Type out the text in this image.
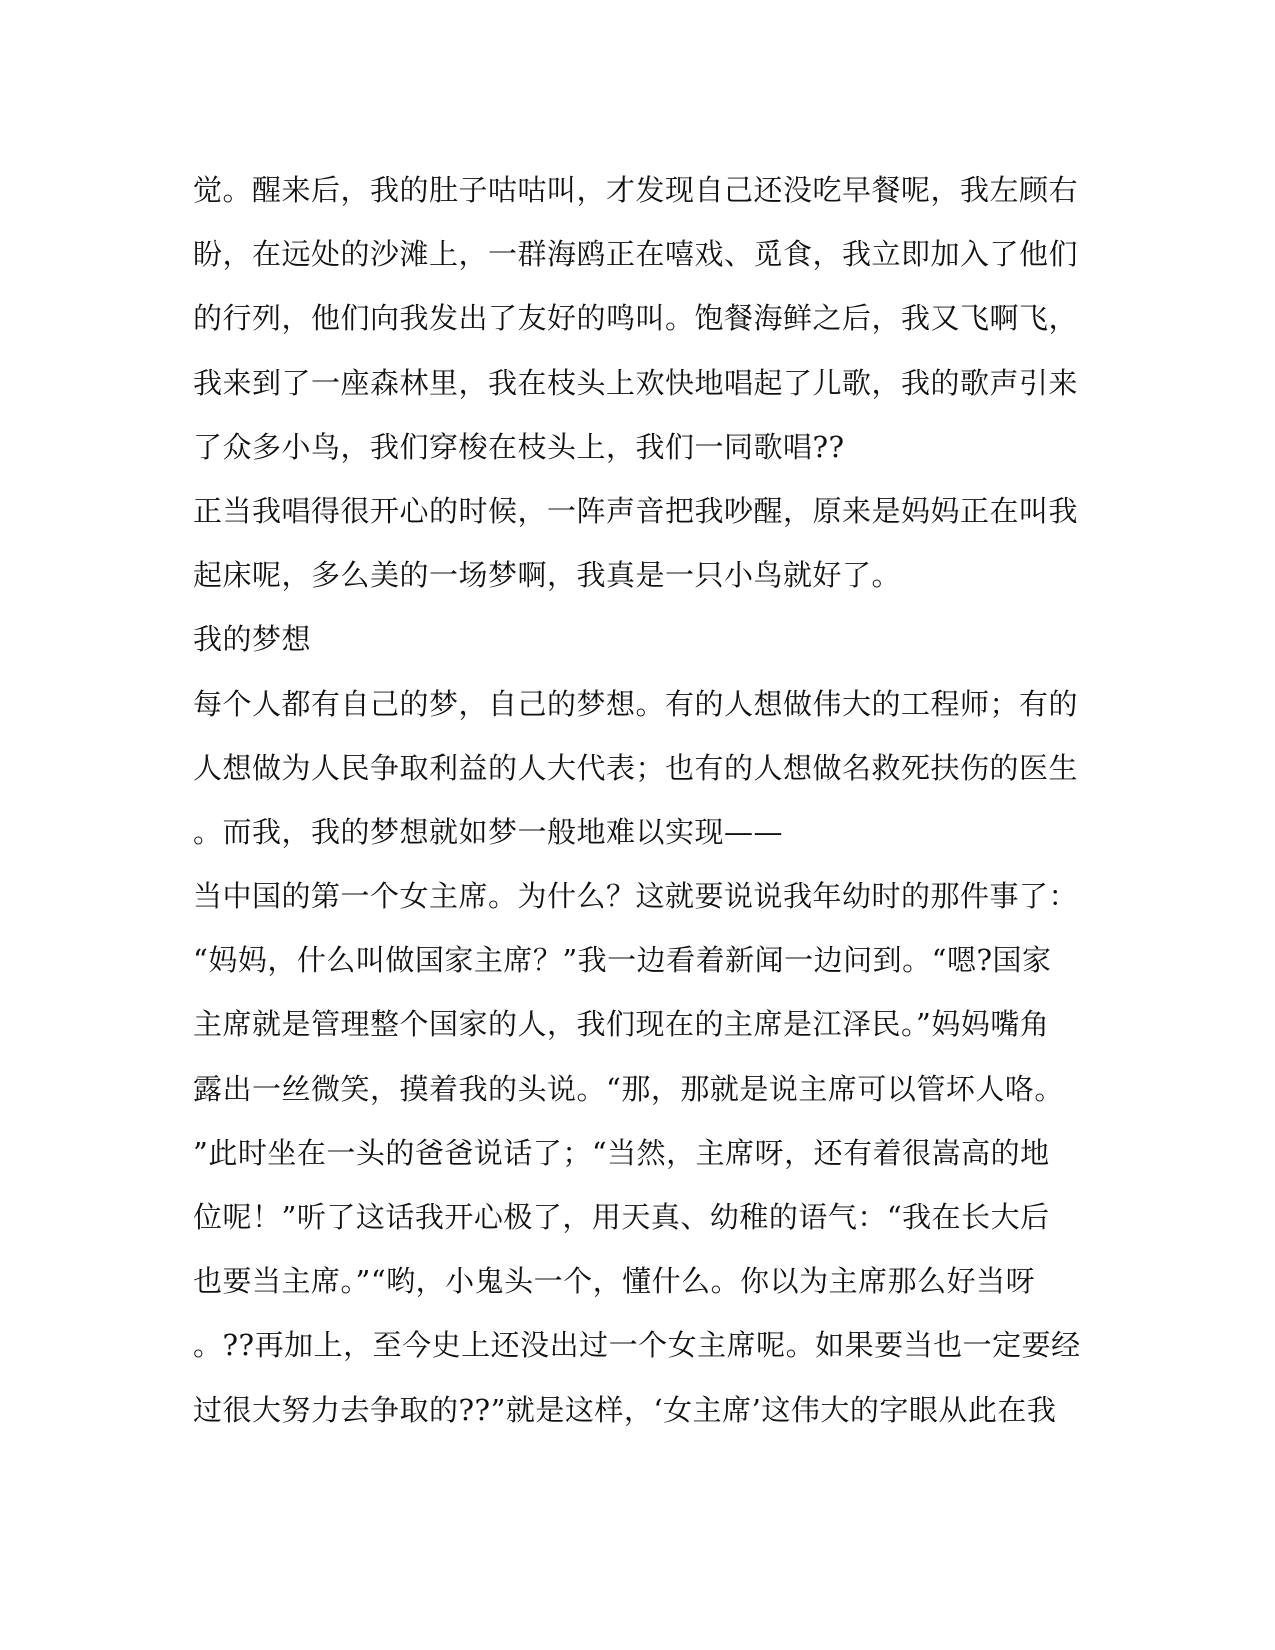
觉。醒来后，我的肚子咕咕叫，才发现自己还没吃早餐呢，我左顾右
盼，在远处的沙滩上，一群海鸥正在嘻戏、觅食，我立即加入了他们
的行列，他们向我发出了友好的鸣叫。饱餐海鲜之后，我又飞啊飞，
我来到了一座森林里，我在枝头上欢快地唱起了儿歌，我的歌声引来
了众多小鸟，我们穿梭在枝头上，我们一同歌唱??
正当我唱得很开心的时候，一阵声音把我吵醒，原来是妈妈正在叫我
起床呢，多么美的一场梦啊，我真是一只小鸟就好了。
我的梦想
每个人都有自己的梦，自己的梦想。有的人想做伟大的工程师；有的
人想做为人民争取利益的人大代表；也有的人想做名救死扶伤的医生
。而我，我的梦想就如梦一般地难以实现——
当中国的第一个女主席。为什么？这就要说说我年幼时的那件事了：
“妈妈，什么叫做国家主席？”我一边看着新闻一边问到。“嗯?国家
主席就是管理整个国家的人，我们现在的主席是江泽民。”妈妈嘴角
露出一丝微笑，摸着我的头说。“那，那就是说主席可以管坏人咯。
”此时坐在一头的爸爸说话了；“当然，主席呀，还有着很嵩高的地
位呢！”听了这话我开心极了，用天真、幼稚的语气：“我在长大后
也要当主席。”“哟，小鬼头一个，懂什么。你以为主席那么好当呀
。??再加上，至今史上还没出过一个女主席呢。如果要当也一定要经
过很大努力去争取的??”就是这样，‘女主席’这伟大的字眼从此在我
